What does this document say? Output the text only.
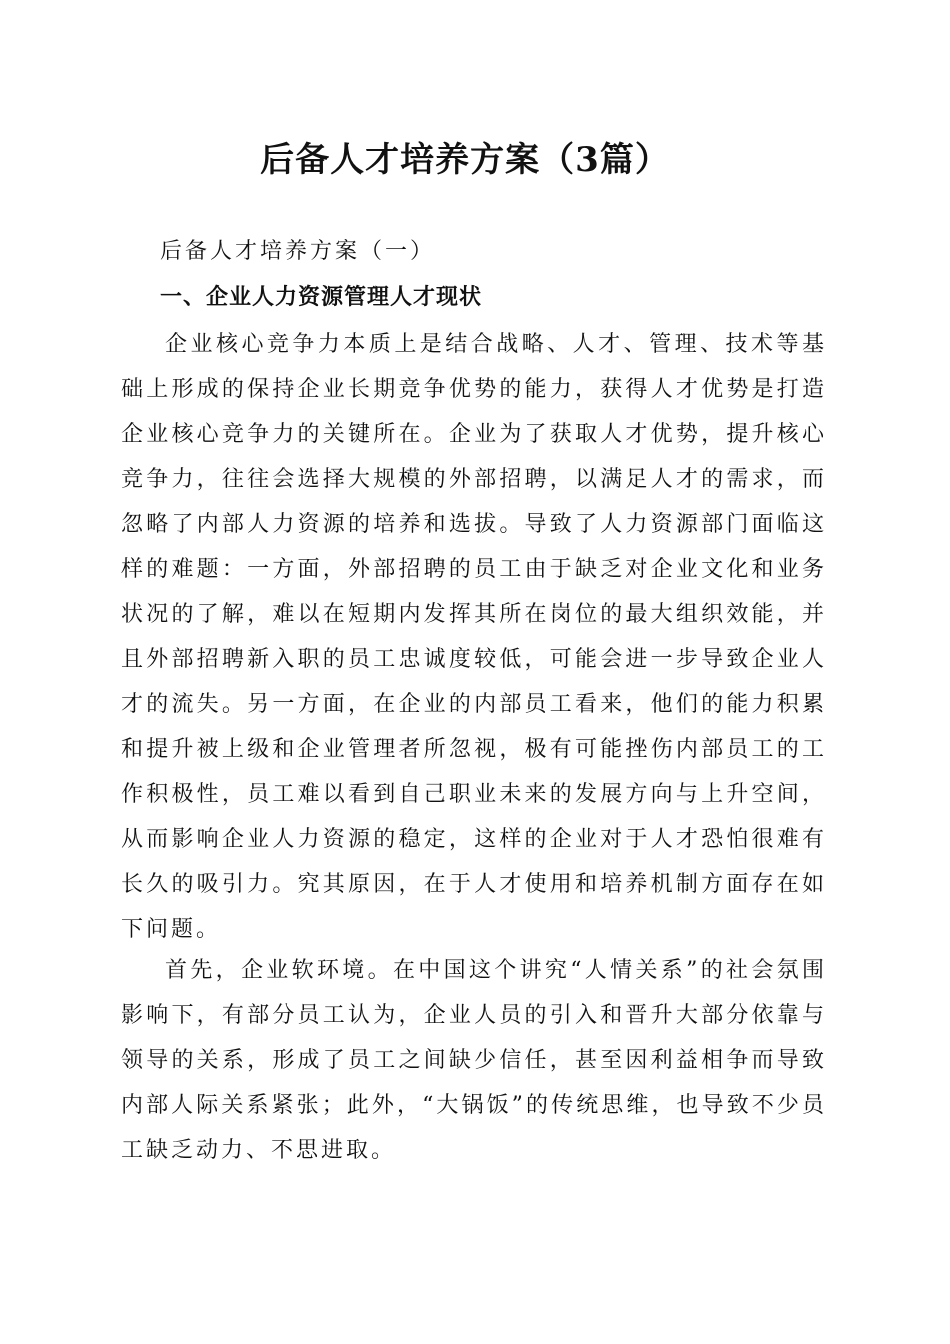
后备人才培养方案（3篇）

后备人才培养方案（一）

一、企业人力资源管理人才现状

企业核心竞争力本质上是结合战略、人才、管理、技术等基础上形成的保持企业长期竞争优势的能力，获得人才优势是打造企业核心竞争力的关键所在。企业为了获取人才优势，提升核心竞争力，往往会选择大规模的外部招聘，以满足人才的需求，而忽略了内部人力资源的培养和选拔。导致了人力资源部门面临这样的难题：一方面，外部招聘的员工由于缺乏对企业文化和业务状况的了解，难以在短期内发挥其所在岗位的最大组织效能，并且外部招聘新入职的员工忠诚度较低，可能会进一步导致企业人才的流失。另一方面，在企业的内部员工看来，他们的能力积累和提升被上级和企业管理者所忽视，极有可能挫伤内部员工的工作积极性，员工难以看到自己职业未来的发展方向与上升空间，从而影响企业人力资源的稳定，这样的企业对于人才恐怕很难有长久的吸引力。究其原因，在于人才使用和培养机制方面存在如下问题。

首先，企业软环境。在中国这个讲究“人情关系”的社会氛围影响下，有部分员工认为，企业人员的引入和晋升大部分依靠与领导的关系，形成了员工之间缺少信任，甚至因利益相争而导致内部人际关系紧张；此外，“大锅饭”的传统思维，也导致不少员工缺乏动力、不思进取。
